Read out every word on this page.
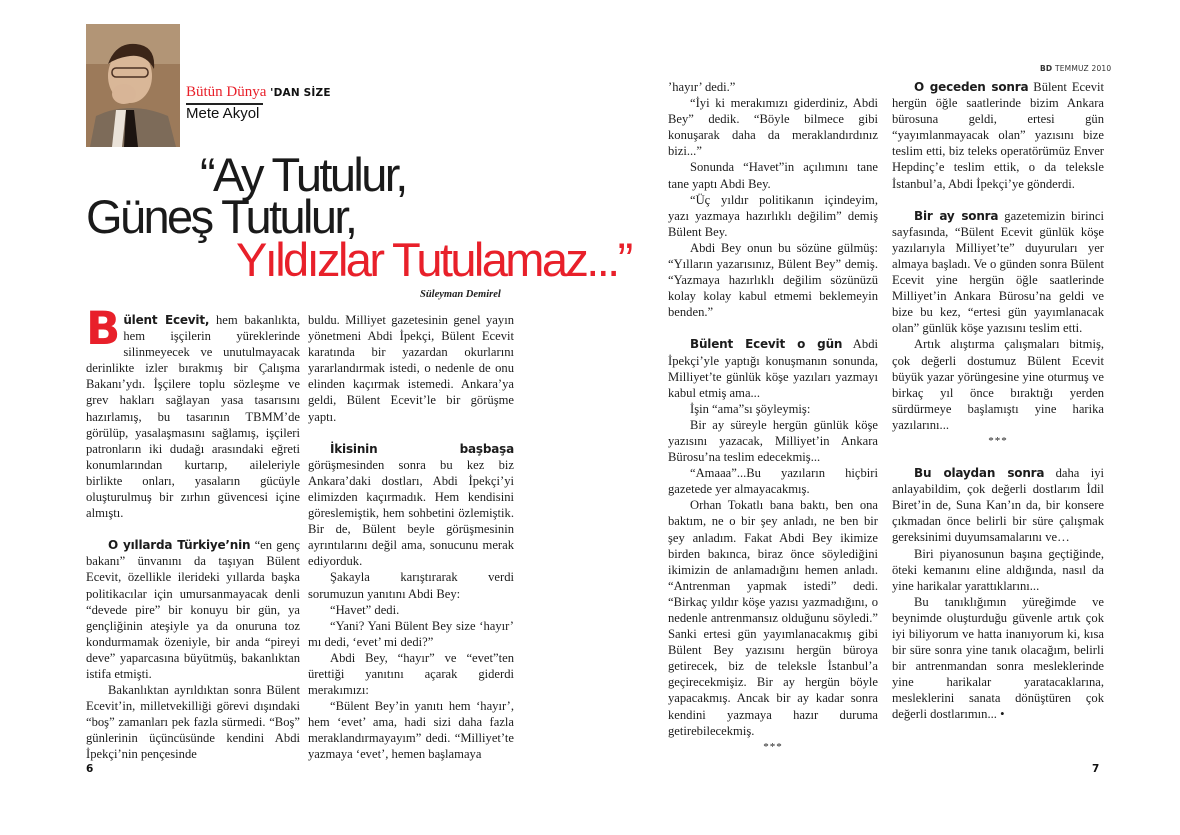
Bütün Dünya 'DAN SİZE
Mete Akyol
“Ay Tutulur,
Güneş Tutulur,
Yıldızlar Tutulamaz...”
Süleyman Demirel

Bülent Ecevit, hem bakanlıkta, hem işçilerin yüreklerinde silinmeyecek ve unutulmayacak derinlikte izler bırakmış bir Çalışma Bakanı’ydı. İşçilere toplu sözleşme ve grev hakları sağlayan yasa tasarısını hazırlamış, bu tasarının TBMM’de görülüp, yasalaşmasını sağlamış, işçileri patronların iki dudağı arasındaki eğreti konumlarından kurtarıp, aileleriyle birlikte onları, yasaların gücüyle oluşturulmuş bir zırhın güvencesi içine almıştı.

O yıllarda Türkiye’nin “en genç bakanı” ünvanını da taşıyan Bülent Ecevit, özellikle ilerideki yıllarda başka politikacılar için umursanmayacak denli “devede pire” bir konuyu bir gün, ya gençliğinin ateşiyle ya da onuruna toz kondurmamak özeniyle, bir anda “pireyi deve” yaparcasına büyütmüş, bakanlıktan istifa etmişti.

Bakanlıktan ayrıldıktan sonra Bülent Ecevit’in, milletvekilliği görevi dışındaki “boş” zamanları pek fazla sürmedi. “Boş” günlerinin üçüncüsünde kendini Abdi İpekçi’nin pençesinde

buldu. Milliyet gazetesinin genel yayın yönetmeni Abdi İpekçi, Bülent Ecevit karatında bir yazardan okurlarını yararlandırmak istedi, o nedenle de onu elinden kaçırmak istemedi. Ankara’ya geldi, Bülent Ecevit’le bir görüşme yaptı.

İkisinin başbaşa görüşmesinden sonra bu kez biz Ankara’daki dostları, Abdi İpekçi’yi elimizden kaçırmadık. Hem kendisini göreslemiştik, hem sohbetini özlemiştik. Bir de, Bülent beyle görüşmesinin ayrıntılarını değil ama, sonucunu merak ediyorduk.

Şakayla karıştırarak verdi sorumuzun yanıtını Abdi Bey:

“Havet” dedi.

“Yani? Yani Bülent Bey size ‘hayır’ mı dedi, ‘evet’ mi dedi?”

Abdi Bey, “hayır” ve “evet”ten ürettiği yanıtını açarak giderdi merakımızı:

“Bülent Bey’in yanıtı hem ‘hayır’, hem ‘evet’ ama, hadi sizi daha fazla meraklandırmayayım” dedi. “Milliyet’te yazmaya ‘evet’, hemen başlamaya

6
BD TEMMUZ 2010

’hayır’ dedi.”

“İyi ki merakımızı giderdiniz, Abdi Bey” dedik. “Böyle bilmece gibi konuşarak daha da meraklandırdınız bizi...”

Sonunda “Havet”in açılımını tane tane yaptı Abdi Bey.

“Üç yıldır politikanın içindeyim, yazı yazmaya hazırlıklı değilim” demiş Bülent Bey.

Abdi Bey onun bu sözüne gülmüş: “Yılların yazarısınız, Bülent Bey” demiş. “Yazmaya hazırlıklı değilim sözünüzü kolay kolay kabul etmemi beklemeyin benden.”

Bülent Ecevit o gün Abdi İpekçi’yle yaptığı konuşmanın sonunda, Milliyet’te günlük köşe yazıları yazmayı kabul etmiş ama...

İşin “ama”sı şöyleymiş:

Bir ay süreyle hergün günlük köşe yazısını yazacak, Milliyet’in Ankara Bürosu’na teslim edecekmiş...

“Amaaa”...Bu yazıların hiçbiri gazetede yer almayacakmış.

Orhan Tokatlı bana baktı, ben ona baktım, ne o bir şey anladı, ne ben bir şey anladım. Fakat Abdi Bey ikimize birden bakınca, biraz önce söylediğini ikimizin de anlamadığını hemen anladı. “Antrenman yapmak istedi” dedi. “Birkaç yıldır köşe yazısı yazmadığını, o nedenle antrenmansız olduğunu söyledi.” Sanki ertesi gün yayımlanacakmış gibi Bülent Bey yazısını hergün büroya getirecek, biz de teleksle İstanbul’a geçirecekmişiz. Bir ay hergün böyle yapacakmış. Ancak bir ay kadar sonra kendini yazmaya hazır duruma getirebilecekmiş.

***

O geceden sonra Bülent Ecevit hergün öğle saatlerinde bizim Ankara bürosuna geldi, ertesi gün “yayımlanmayacak olan” yazısını bize teslim etti, biz teleks operatörümüz Enver Hepdinç’e teslim ettik, o da teleksle İstanbul’a, Abdi İpekçi’ye gönderdi.

Bir ay sonra gazetemizin birinci sayfasında, “Bülent Ecevit günlük köşe yazılarıyla Milliyet’te” duyuruları yer almaya başladı. Ve o günden sonra Bülent Ecevit yine hergün öğle saatlerinde Milliyet’in Ankara Bürosu’na geldi ve bize bu kez, “ertesi gün yayımlanacak olan” günlük köşe yazısını teslim etti.

Artık alıştırma çalışmaları bitmiş, çok değerli dostumuz Bülent Ecevit büyük yazar yörüngesine yine oturmuş ve birkaç yıl önce bıraktığı yerden sürdürmeye başlamıştı yine harika yazılarını...

***

Bu olaydan sonra daha iyi anlayabildim, çok değerli dostlarım İdil Biret’in de, Suna Kan’ın da, bir konsere çıkmadan önce belirli bir süre çalışmak gereksinimi duyumsamalarını ve…

Biri piyanosunun başına geçtiğinde, öteki kemanını eline aldığında, nasıl da yine harikalar yarattıklarını...

Bu tanıklığımın yüreğimde ve beynimde oluşturduğu güvenle artık çok iyi biliyorum ve hatta inanıyorum ki, kısa bir süre sonra yine tanık olacağım, belirli bir antrenmandan sonra mesleklerinde yine harikalar yaratacaklarına, mesleklerini sanata dönüştüren çok değerli dostlarımın... •

7
